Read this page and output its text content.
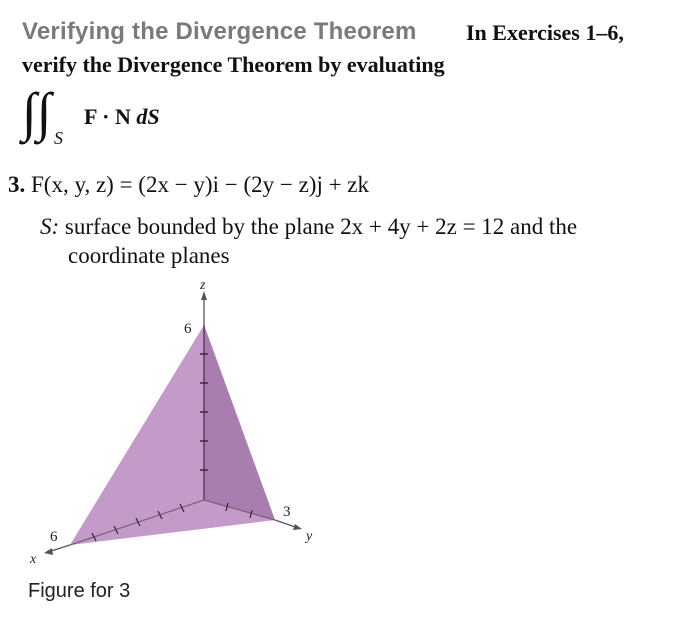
Verifying the Divergence Theorem In Exercises 1–6,
verify the Divergence Theorem by evaluating
∫∫ S
F · N dS
3. F(x, y, z) = (2x − y)i − (2y − z)j + zk
S: surface bounded by the plane 2x + 4y + 2z = 12 and the
coordinate planes
z
6
3
y
6
x
Figure for 3
